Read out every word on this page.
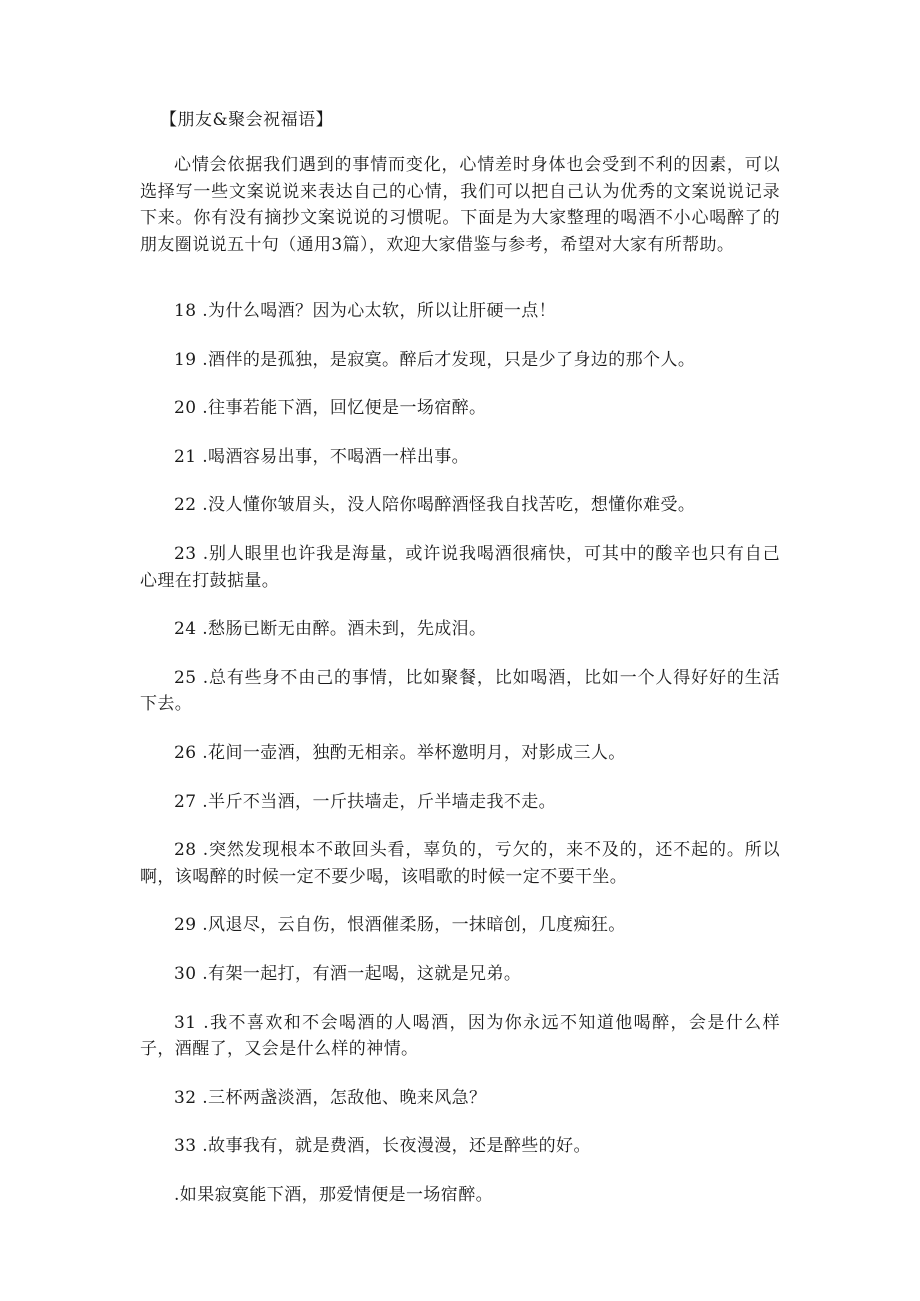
【朋友&聚会祝福语】

心情会依据我们遇到的事情而变化，心情差时身体也会受到不利的因素，可以选择写一些文案说说来表达自己的心情，我们可以把自己认为优秀的文案说说记录下来。你有没有摘抄文案说说的习惯呢。下面是为大家整理的喝酒不小心喝醉了的朋友圈说说五十句（通用3篇），欢迎大家借鉴与参考，希望对大家有所帮助。

18 .为什么喝酒？因为心太软，所以让肝硬一点！

19 .酒伴的是孤独，是寂寞。醉后才发现，只是少了身边的那个人。

20 .往事若能下酒，回忆便是一场宿醉。

21 .喝酒容易出事，不喝酒一样出事。

22 .没人懂你皱眉头，没人陪你喝醉酒怪我自找苦吃，想懂你难受。

23 .别人眼里也许我是海量，或许说我喝酒很痛快，可其中的酸辛也只有自己心理在打鼓掂量。

24 .愁肠已断无由醉。酒未到，先成泪。

25 .总有些身不由己的事情，比如聚餐，比如喝酒，比如一个人得好好的生活下去。

26 .花间一壶酒，独酌无相亲。举杯邀明月，对影成三人。

27 .半斤不当酒，一斤扶墙走，斤半墙走我不走。

28 .突然发现根本不敢回头看，辜负的，亏欠的，来不及的，还不起的。所以啊，该喝醉的时候一定不要少喝，该唱歌的时候一定不要干坐。

29 .风退尽，云自伤，恨酒催柔肠，一抹暗创，几度痴狂。

30 .有架一起打，有酒一起喝，这就是兄弟。

31 .我不喜欢和不会喝酒的人喝酒，因为你永远不知道他喝醉，会是什么样子，酒醒了，又会是什么样的神情。

32 .三杯两盏淡酒，怎敌他、晚来风急？

33 .故事我有，就是费酒，长夜漫漫，还是醉些的好。

.如果寂寞能下酒，那爱情便是一场宿醉。
